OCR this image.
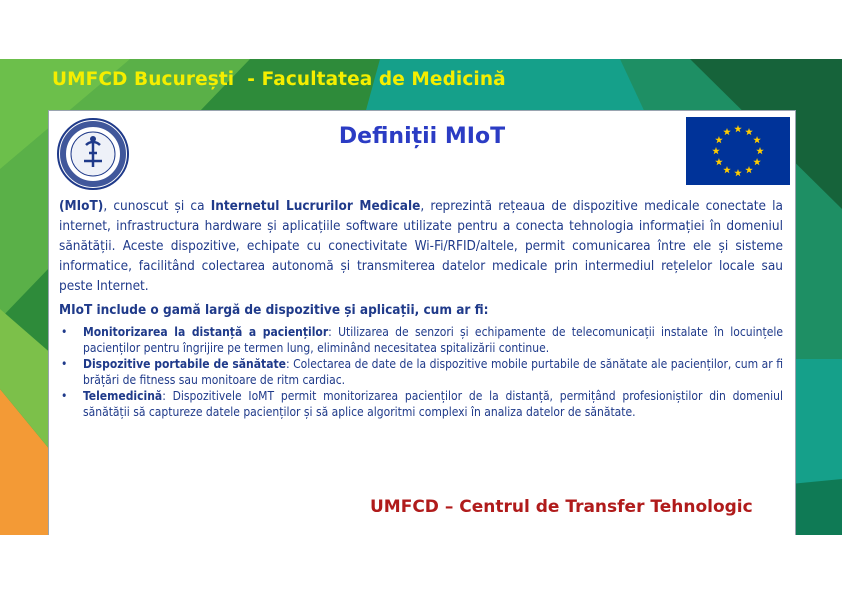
UMFCD București  - Facultatea de Medicină
Definiții MIoT

(MIoT), cunoscut și ca Internetul Lucrurilor Medicale, reprezintă rețeaua de dispozitive medicale conectate la internet, infrastructura hardware și aplicațiile software utilizate pentru a conecta tehnologia informației în domeniul sănătății. Aceste dispozitive, echipate cu conectivitate Wi-Fi/RFID/altele, permit comunicarea între ele și sisteme informatice, facilitând colectarea autonomă și transmiterea datelor medicale prin intermediul rețelelor locale sau peste Internet.

MIoT include o gamă largă de dispozitive și aplicații, cum ar fi:

• Monitorizarea la distanță a pacienților: Utilizarea de senzori și echipamente de telecomunicații instalate în locuințele pacienților pentru îngrijire pe termen lung, eliminând necesitatea spitalizării continue.
• Dispozitive portabile de sănătate: Colectarea de date de la dispozitive mobile purtabile de sănătate ale pacienților, cum ar fi brățări de fitness sau monitoare de ritm cardiac.
• Telemedicină: Dispozitivele IoMT permit monitorizarea pacienților de la distanță, permițând profesioniștilor din domeniul sănătății să captureze datele pacienților și să aplice algoritmi complexi în analiza datelor de sănătate.

UMFCD – Centrul de Transfer Tehnologic
